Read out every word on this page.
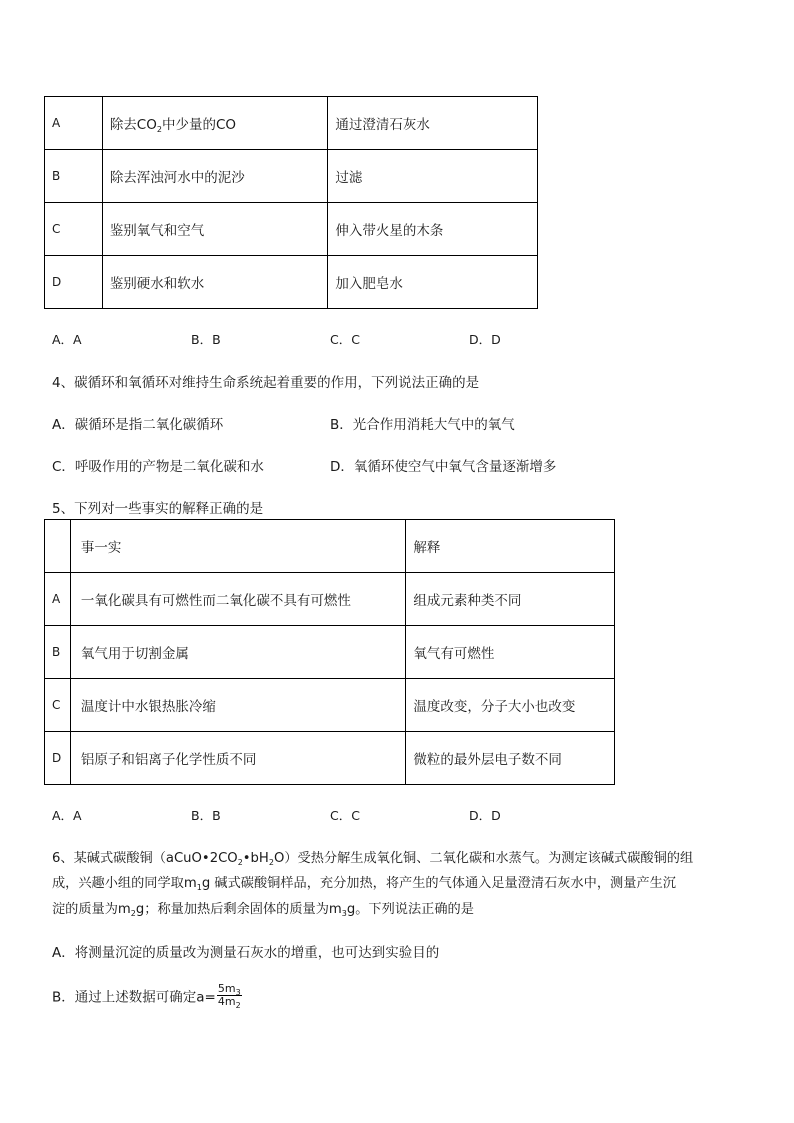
A	除去$CO_2$中少量的CO	通过澄清石灰水
B	除去浑浊河水中的泥沙	过滤
C	鉴别氧气和空气	伸入带火星的木条
D	鉴别硬水和软水	加入肥皂水
A．A	B．B	C．C	D．D
4、碳循环和氧循环对维持生命系统起着重要的作用，下列说法正确的是
A．碳循环是指二氧化碳循环	B．光合作用消耗大气中的氧气
C．呼吸作用的产物是二氧化碳和水	D．氧循环使空气中氧气含量逐渐增多
5、下列对一些事实的解释正确的是
	事一实	解释
A	一氧化碳具有可燃性而二氧化碳不具有可燃性	组成元素种类不同
B	氧气用于切割金属	氧气有可燃性
C	温度计中水银热胀冷缩	温度改变，分子大小也改变
D	铝原子和铝离子化学性质不同	微粒的最外层电子数不同
A．A	B．B	C．C	D．D
6、某碱式碳酸铜$(aCuO•2CO_2•bH_2O)$受热分解生成氧化铜、二氧化碳和水蒸气。为测定该碱式碳酸铜的组
成，兴趣小组的同学取$m_1g$ 碱式碳酸铜样品，充分加热，将产生的气体通入足量澄清石灰水中，测量产生沉
淀的质量为$m_2g$；称量加热后剩余固体的质量为$m_3g$。下列说法正确的是
A．将测量沉淀的质量改为测量石灰水的增重，也可达到实验目的
B．通过上述数据可确定$a= \frac{5m_3}{4m_2}$
